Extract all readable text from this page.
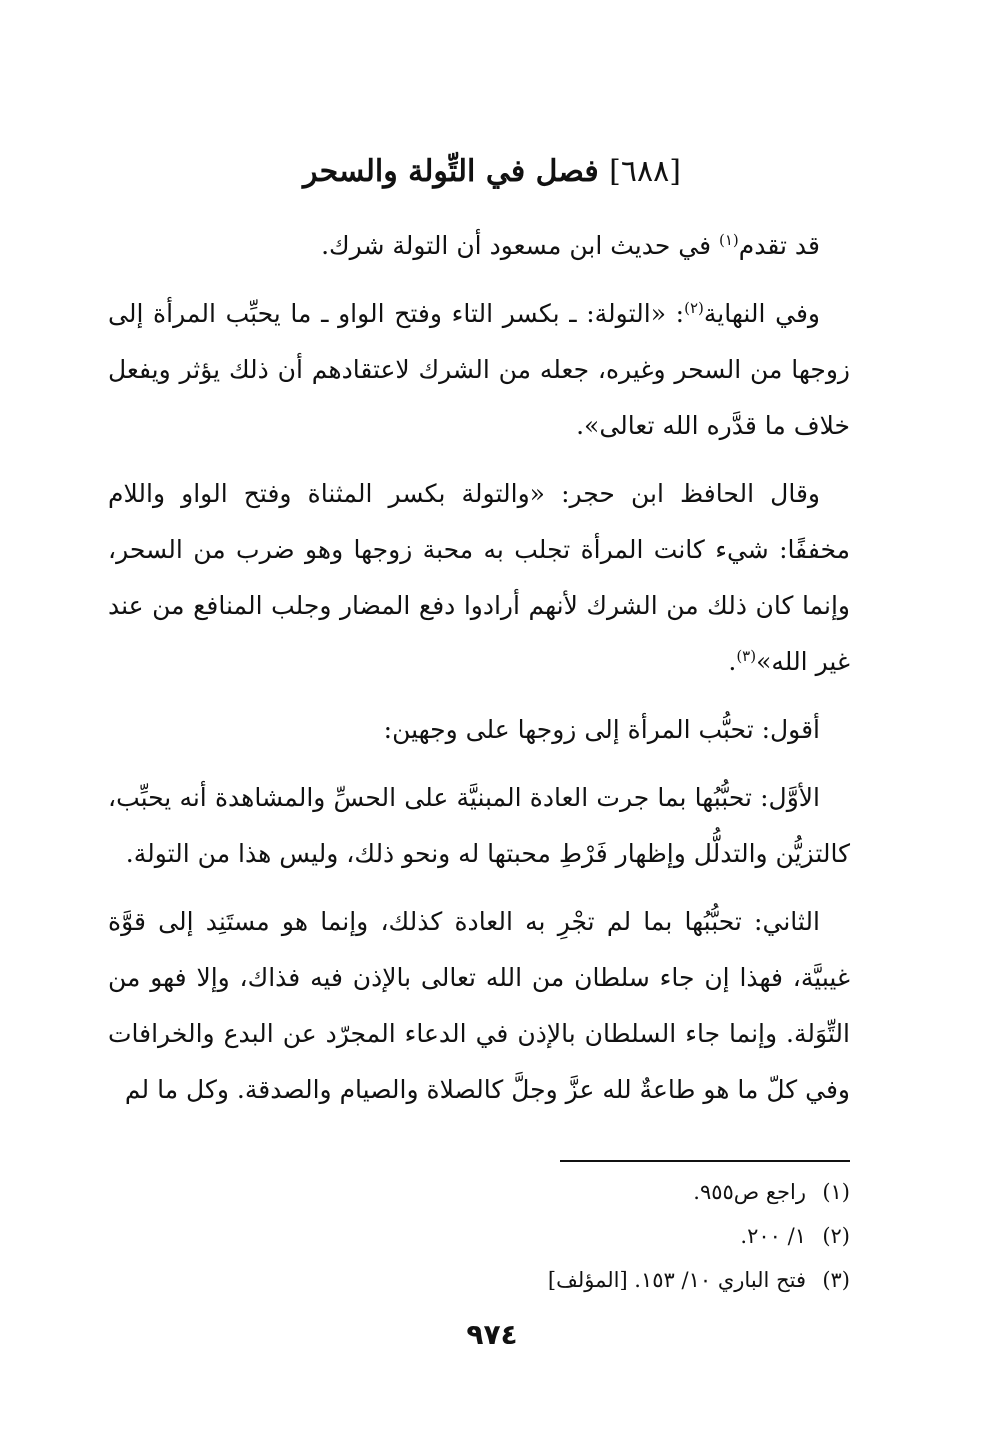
[٦٨٨] فصل في التِّولة والسحر

قد تقدم$^{(١)}$ في حديث ابن مسعود أن التولة شرك.

وفي النهاية$^{(٢)}$: «التولة: ـ بكسر التاء وفتح الواو ـ ما يحبِّب المرأة إلى زوجها من السحر وغيره، جعله من الشرك لاعتقادهم أن ذلك يؤثر ويفعل خلاف ما قدَّره الله تعالى».

وقال الحافظ ابن حجر: «والتولة بكسر المثناة وفتح الواو واللام مخففًا: شيء كانت المرأة تجلب به محبة زوجها وهو ضرب من السحر، وإنما كان ذلك من الشرك لأنهم أرادوا دفع المضار وجلب المنافع من عند غير الله»$^{(٣)}$.

أقول: تحبُّب المرأة إلى زوجها على وجهين:

الأوَّل: تحبُّبُها بما جرت العادة المبنيَّة على الحسِّ والمشاهدة أنه يحبِّب، كالتزيُّن والتدلُّل وإظهار فَرْطِ محبتها له ونحو ذلك، وليس هذا من التولة.

الثاني: تحبُّبُها بما لم تجْرِ به العادة كذلك، وإنما هو مستَنِد إلى قوَّة غيبيَّة، فهذا إن جاء سلطان من الله تعالى بالإذن فيه فذاك، وإلا فهو من التِّوَلة. وإنما جاء السلطان بالإذن في الدعاء المجرّد عن البدع والخرافات وفي كلّ ما هو طاعةٌ لله عزَّ وجلَّ كالصلاة والصيام والصدقة. وكل ما لم

(١)راجع ص٩٥٥.
(٢)١/ ٢٠٠.
(٣)فتح الباري ١٠/ ١٥٣. [المؤلف]
٩٧٤
